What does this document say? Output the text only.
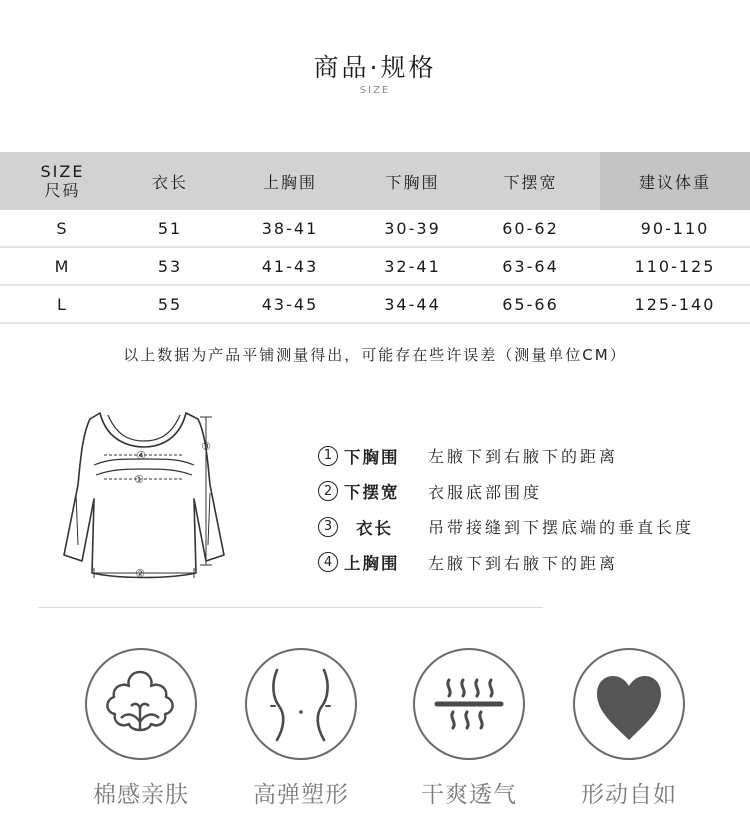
商品·规格
SIZE
SIZE
尺码	衣长	上胸围	下胸围	下摆宽	建议体重
S	51	38-41	30-39	60-62	90-110
M	53	41-43	32-41	63-64	110-125
L	55	43-45	34-44	65-66	125-140
以上数据为产品平铺测量得出，可能存在些许误差（测量单位CM）
④
①
③
②
1 下胸围	左腋下到右腋下的距离
2 下摆宽	衣服底部围度
3	衣长	吊带接缝到下摆底端的垂直长度
4 上胸围	左腋下到右腋下的距离
棉感亲肤	高弹塑形	干爽透气	形动自如
